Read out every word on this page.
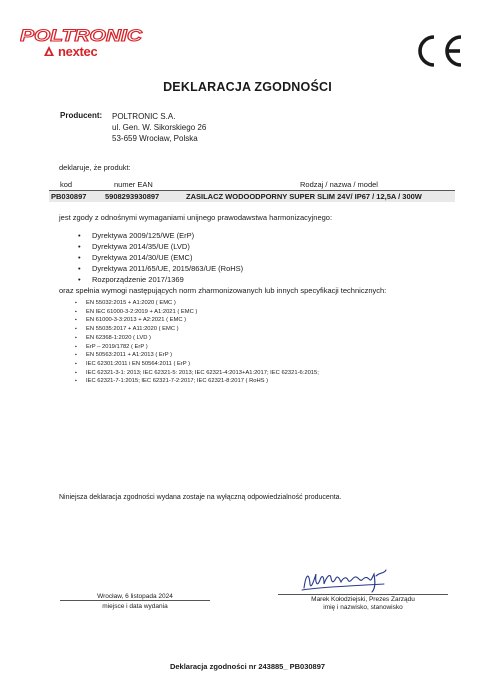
POLTRONIC
nextec
DEKLARACJA ZGODNOŚCI
Producent: POLTRONIC S.A.
ul. Gen. W. Sikorskiego 26
53-659 Wrocław, Polska
deklaruje, że produkt:
kod	numer EAN	Rodzaj / nazwa / model
PB030897 5908293930897	ZASILACZ WODOODPORNY SUPER SLIM 24V/ IP67 / 12,5A / 300W
jest zgody z odnośnymi wymaganiami unijnego prawodawstwa harmonizacyjnego:
• Dyrektywa 2009/125/WE (ErP)
• Dyrektywa 2014/35/UE (LVD)
• Dyrektywa 2014/30/UE (EMC)
• Dyrektywa 2011/65/UE, 2015/863/UE (RoHS)
• Rozporządzenie 2017/1369
oraz spełnia wymogi następujących norm zharmonizowanych lub innych specyfikacji technicznych:
▪ EN 55032:2015 + A1:2020 ( EMC )
▪ EN IEC 61000-3-2:2019 + A1:2021 ( EMC )
▪ EN 61000-3-3:2013 + A2:2021 ( EMC )
▪ EN 55035:2017 + A11:2020 ( EMC )
▪ EN 62368-1:2020 ( LVD )
▪ ErP – 2019/1782 ( ErP )
▪ EN 50563:2011 + A1:2013 ( ErP )
▪ IEC 62301:2011 i EN 50564:2011 ( ErP )
▪ IEC 62321-3-1: 2013; IEC 62321-5: 2013; IEC 62321-4:2013+A1:2017; IEC 62321-6:2015;
▪ IEC 62321-7-1:2015; IEC 62321-7-2:2017; IEC 62321-8:2017 ( RoHS )
Niniejsza deklaracja zgodności wydana zostaje na wyłączną odpowiedzialność producenta.
Wrocław, 6 listopada 2024
miejsce i data wydania
Marek Kołodziejski, Prezes Zarządu
imię i nazwisko, stanowisko
Deklaracja zgodności nr 243885_ PB030897
